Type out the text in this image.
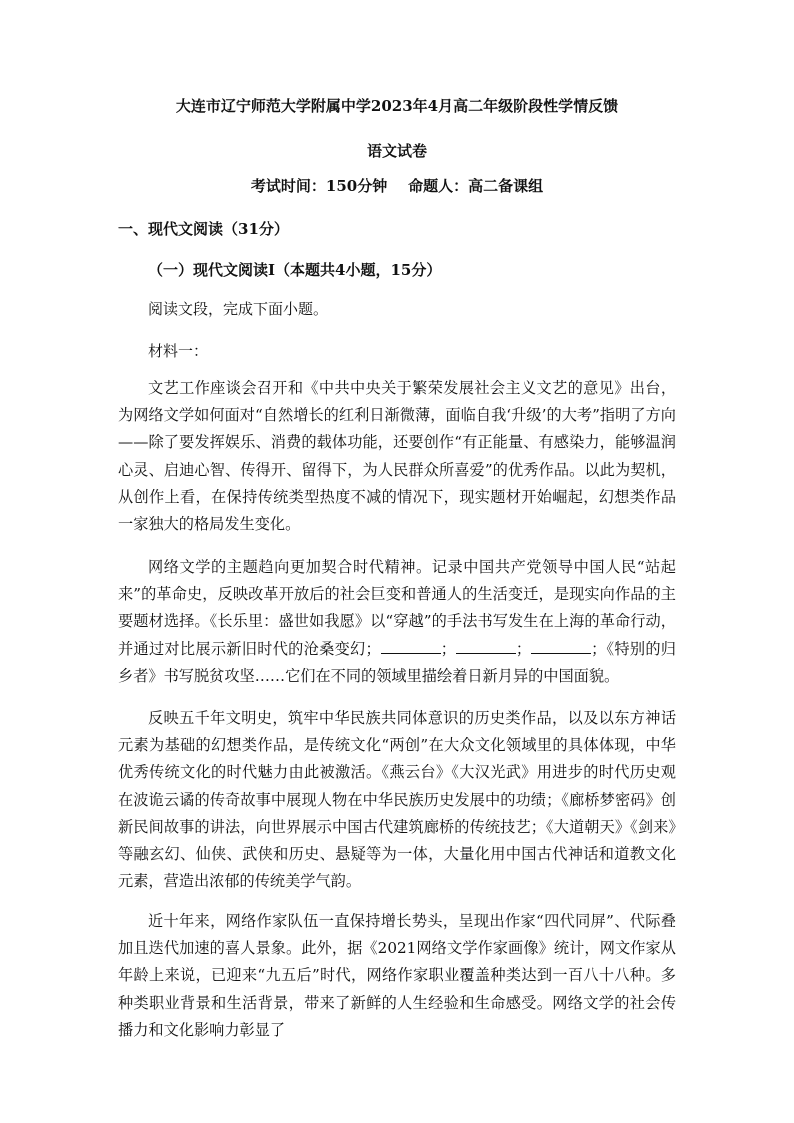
大连市辽宁师范大学附属中学2023年4月高二年级阶段性学情反馈
语文试卷
考试时间：150分钟    命题人：高二备课组
一、现代文阅读（31分）
（一）现代文阅读Ⅰ（本题共4小题，15分）
阅读文段，完成下面小题。
材料一：

文艺工作座谈会召开和《中共中央关于繁荣发展社会主义文艺的意见》出台，为网络文学如何面对“自然增长的红利日渐微薄，面临自我‘升级’的大考”指明了方向——除了要发挥娱乐、消费的载体功能，还要创作“有正能量、有感染力，能够温润心灵、启迪心智、传得开、留得下，为人民群众所喜爱”的优秀作品。以此为契机，从创作上看，在保持传统类型热度不减的情况下，现实题材开始崛起，幻想类作品一家独大的格局发生变化。

网络文学的主题趋向更加契合时代精神。记录中国共产党领导中国人民“站起来”的革命史，反映改革开放后的社会巨变和普通人的生活变迁，是现实向作品的主要题材选择。《长乐里：盛世如我愿》以“穿越”的手法书写发生在上海的革命行动，并通过对比展示新旧时代的沧桑变幻；	；	；	；《特别的归乡者》书写脱贫攻坚……它们在不同的领域里描绘着日新月异的中国面貌。

反映五千年文明史，筑牢中华民族共同体意识的历史类作品，以及以东方神话元素为基础的幻想类作品，是传统文化“两创”在大众文化领域里的具体体现，中华优秀传统文化的时代魅力由此被激活。《燕云台》《大汉光武》用进步的时代历史观在波诡云谲的传奇故事中展现人物在中华民族历史发展中的功绩；《廊桥梦密码》创新民间故事的讲法，向世界展示中国古代建筑廊桥的传统技艺；《大道朝天》《剑来》等融玄幻、仙侠、武侠和历史、悬疑等为一体，大量化用中国古代神话和道教文化元素，营造出浓郁的传统美学气韵。

近十年来，网络作家队伍一直保持增长势头，呈现出作家“四代同屏”、代际叠加且迭代加速的喜人景象。此外，据《2021网络文学作家画像》统计，网文作家从年龄上来说，已迎来“九五后”时代，网络作家职业覆盖种类达到一百八十八种。多种类职业背景和生活背景，带来了新鲜的人生经验和生命感受。网络文学的社会传播力和文化影响力彰显了
